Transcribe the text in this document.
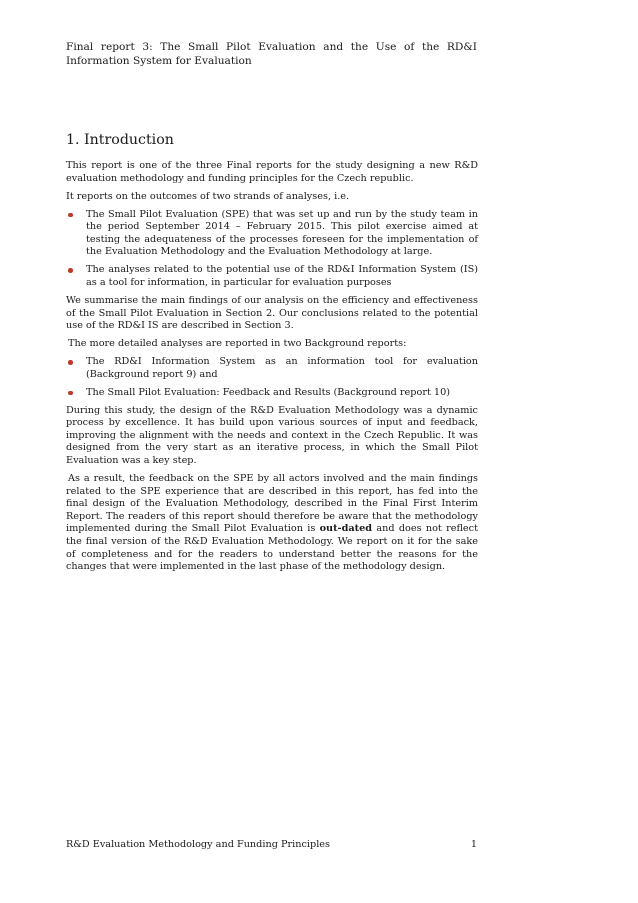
Final report 3: The Small Pilot Evaluation and the Use of the RD&I Information System for Evaluation
1. Introduction

This report is one of the three Final reports for the study designing a new R&D evaluation methodology and funding principles for the Czech republic.

It reports on the outcomes of two strands of analyses, i.e.

The Small Pilot Evaluation (SPE) that was set up and run by the study team in the period September 2014 – February 2015. This pilot exercise aimed at testing the adequateness of the processes foreseen for the implementation of the Evaluation Methodology and the Evaluation Methodology at large.
The analyses related to the potential use of the RD&I Information System (IS) as a tool for information, in particular for evaluation purposes

We summarise the main findings of our analysis on the efficiency and effectiveness of the Small Pilot Evaluation in Section 2. Our conclusions related to the potential use of the RD&I IS are described in Section 3.

The more detailed analyses are reported in two Background reports:

The RD&I Information System as an information tool for evaluation (Background report 9) and
The Small Pilot Evaluation: Feedback and Results (Background report 10)

During this study, the design of the R&D Evaluation Methodology was a dynamic process by excellence. It has build upon various sources of input and feedback, improving the alignment with the needs and context in the Czech Republic. It was designed from the very start as an iterative process, in which the Small Pilot Evaluation was a key step.

As a result, the feedback on the SPE by all actors involved and the main findings related to the SPE experience that are described in this report, has fed into the final design of the Evaluation Methodology, described in the Final First Interim Report. The readers of this report should therefore be aware that the methodology implemented during the Small Pilot Evaluation is out-dated and does not reflect the final version of the R&D Evaluation Methodology. We report on it for the sake of completeness and for the readers to understand better the reasons for the changes that were implemented in the last phase of the methodology design.

R&D Evaluation Methodology and Funding Principles	1
